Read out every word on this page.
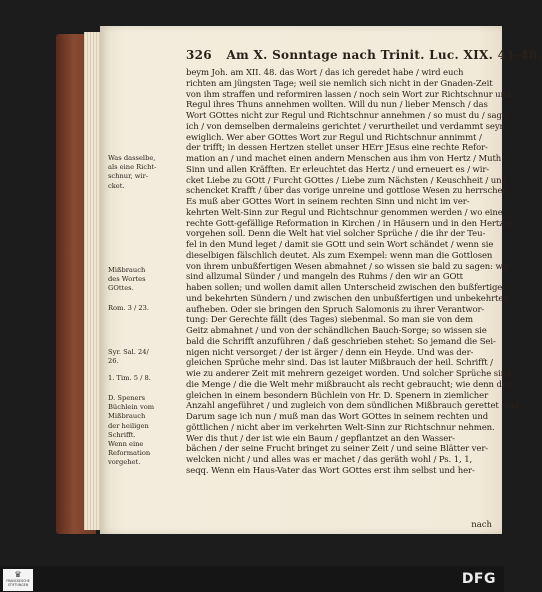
326 Am X. Sonntage nach Trinit. Luc. XIX. 41-48.
Was dasselbe,
als eine Richt-
schnur, wir-
cket.
Mißbrauch
des Wortes
GOttes.
Rom. 3 / 23.
Syr. Sal. 24/
26.
1. Tim. 5 / 8.
D. Speners
Büchlein vom
Mißbrauch
der heiligen
Schrifft.
Wenn eine
Reformation
vorgehet.
beym Joh. am XII. 48. das Wort / das ich geredet habe / wird euch
richten am jüngsten Tage; weil sie nemlich sich nicht in der Gnaden-Zeit
von ihm straffen und reformiren lassen / noch sein Wort zur Richtschnur und
Regul ihres Thuns annehmen wollten. Will du nun / lieber Mensch / das
Wort GOttes nicht zur Regul und Richtschnur annehmen / so must du / sage
ich / von demselben dermaleins gerichtet / verurtheilet und verdammt seyn
ewiglich. Wer aber GOttes Wort zur Regul und Richtschnur annimmt /
der trifft; in dessen Hertzen stellet unser HErr JEsus eine rechte Refor-
mation an / und machet einen andern Menschen aus ihm von Hertz / Muth /
Sinn und allen Kräfften. Er erleuchtet das Hertz / und erneuert es / wir-
cket Liebe zu GOtt / Furcht GOttes / Liebe zum Nächsten / Keuschheit / und
schencket Krafft / über das vorige unreine und gottlose Wesen zu herrschen.
Es muß aber GOttes Wort in seinem rechten Sinn und nicht im ver-
kehrten Welt-Sinn zur Regul und Richtschnur genommen werden / wo eine
rechte Gott-gefällige Reformation in Kirchen / in Häusern und in den Hertzen
vorgehen soll. Denn die Welt hat viel solcher Sprüche / die ihr der Teu-
fel in den Mund leget / damit sie GOtt und sein Wort schändet / wenn sie
dieselbigen fälschlich deutet. Als zum Exempel: wenn man die Gottlosen
von ihrem unbußfertigen Wesen abmahnet / so wissen sie bald zu sagen: wir
sind allzumal Sünder / und mangeln des Ruhms / den wir an GOtt
haben sollen; und wollen damit allen Unterscheid zwischen den bußfertigen
und bekehrten Sündern / und zwischen den unbußfertigen und unbekehrten
aufheben. Oder sie bringen den Spruch Salomonis zu ihrer Verantwor-
tung: Der Gerechte fällt (des Tages) siebenmal. So man sie von dem
Geitz abmahnet / und von der schändlichen Bauch-Sorge; so wissen sie
bald die Schrifft anzuführen / daß geschrieben stehet: So jemand die Sei-
nigen nicht versorget / der ist ärger / denn ein Heyde. Und was der-
gleichen Sprüche mehr sind. Das ist lauter Mißbrauch der heil. Schrifft /
wie zu anderer Zeit mit mehrern gezeiget worden. Und solcher Sprüche sind
die Menge / die die Welt mehr mißbraucht als recht gebraucht; wie denn der-
gleichen in einem besondern Büchlein von Hr. D. Spenern in ziemlicher
Anzahl angeführet / und zugleich von dem sündlichen Mißbrauch gerettet sind.
Darum sage ich nun / muß man das Wort GOttes in seinem rechten und
göttlichen / nicht aber im verkehrten Welt-Sinn zur Richtschnur nehmen.
Wer dis thut / der ist wie ein Baum / gepflantzet an den Wasser-
bächen / der seine Frucht bringet zu seiner Zeit / und seine Blätter ver-
welcken nicht / und alles was er machet / das geräth wohl / Ps. 1, 1,
seqq. Wenn ein Haus-Vater das Wort GOttes erst ihm selbst und her-
nach
♛
FRANCKESCHE STIFTUNGEN	DFG
